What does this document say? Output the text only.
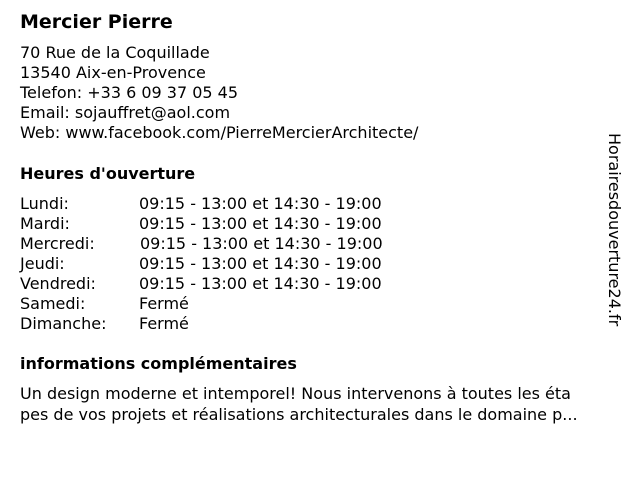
Mercier Pierre
70 Rue de la Coquillade
13540 Aix-en-Provence
Telefon: +33 6 09 37 05 45
Email: sojauffret@aol.com
Web: www.facebook.com/PierreMercierArchitecte/
Heures d'ouverture
Lundi:	09:15 - 13:00 et 14:30 - 19:00
Mardi:	09:15 - 13:00 et 14:30 - 19:00
Mercredi:	09:15 - 13:00 et 14:30 - 19:00
Jeudi:	09:15 - 13:00 et 14:30 - 19:00
Vendredi:	09:15 - 13:00 et 14:30 - 19:00
Samedi:	Fermé
Dimanche: Fermé
informations complémentaires
Un design moderne et intemporel! Nous intervenons à toutes les éta
pes de vos projets et réalisations architecturales dans le domaine p...
Horairesdouverture24.fr
